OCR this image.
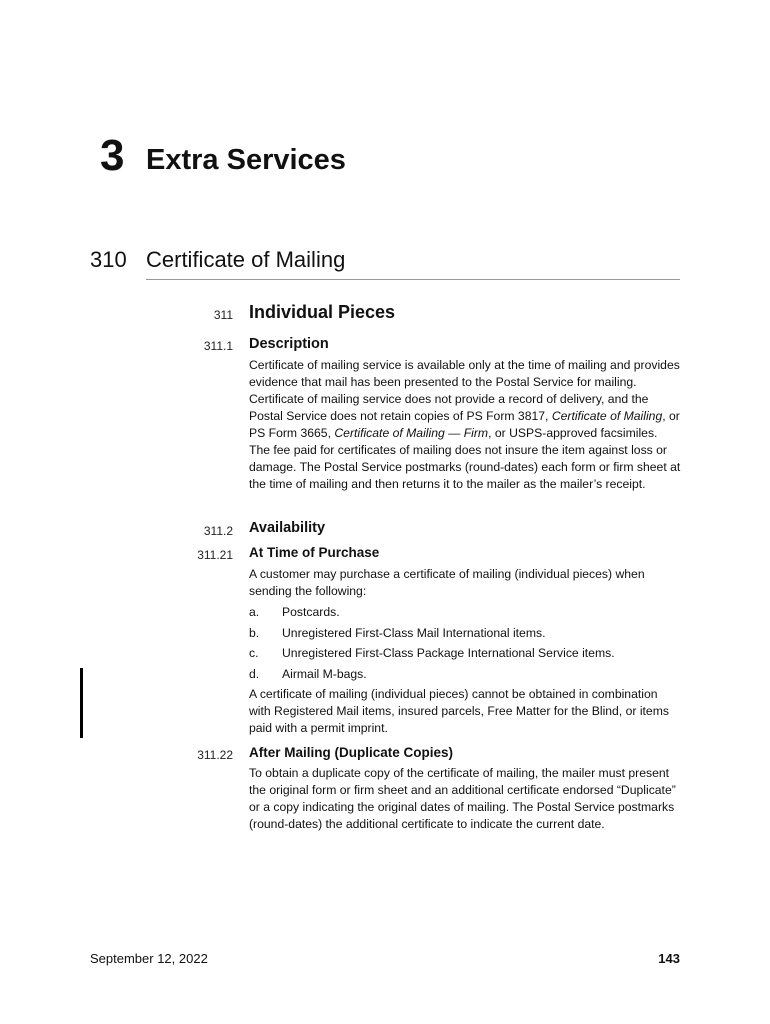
3 Extra Services
310 Certificate of Mailing
311 Individual Pieces
311.1 Description

Certificate of mailing service is available only at the time of mailing and provides evidence that mail has been presented to the Postal Service for mailing. Certificate of mailing service does not provide a record of delivery, and the Postal Service does not retain copies of PS Form 3817, Certificate of Mailing, or PS Form 3665, Certificate of Mailing — Firm, or USPS-approved facsimiles. The fee paid for certificates of mailing does not insure the item against loss or damage. The Postal Service postmarks (round-dates) each form or firm sheet at the time of mailing and then returns it to the mailer as the mailer’s receipt.

311.2 Availability
311.21 At Time of Purchase

A customer may purchase a certificate of mailing (individual pieces) when sending the following:

a. Postcards.
b. Unregistered First-Class Mail International items.
c. Unregistered First-Class Package International Service items.
d. Airmail M-bags.

A certificate of mailing (individual pieces) cannot be obtained in combination with Registered Mail items, insured parcels, Free Matter for the Blind, or items paid with a permit imprint.

311.22 After Mailing (Duplicate Copies)

To obtain a duplicate copy of the certificate of mailing, the mailer must present the original form or firm sheet and an additional certificate endorsed “Duplicate” or a copy indicating the original dates of mailing. The Postal Service postmarks (round-dates) the additional certificate to indicate the current date.

September 12, 2022	143
